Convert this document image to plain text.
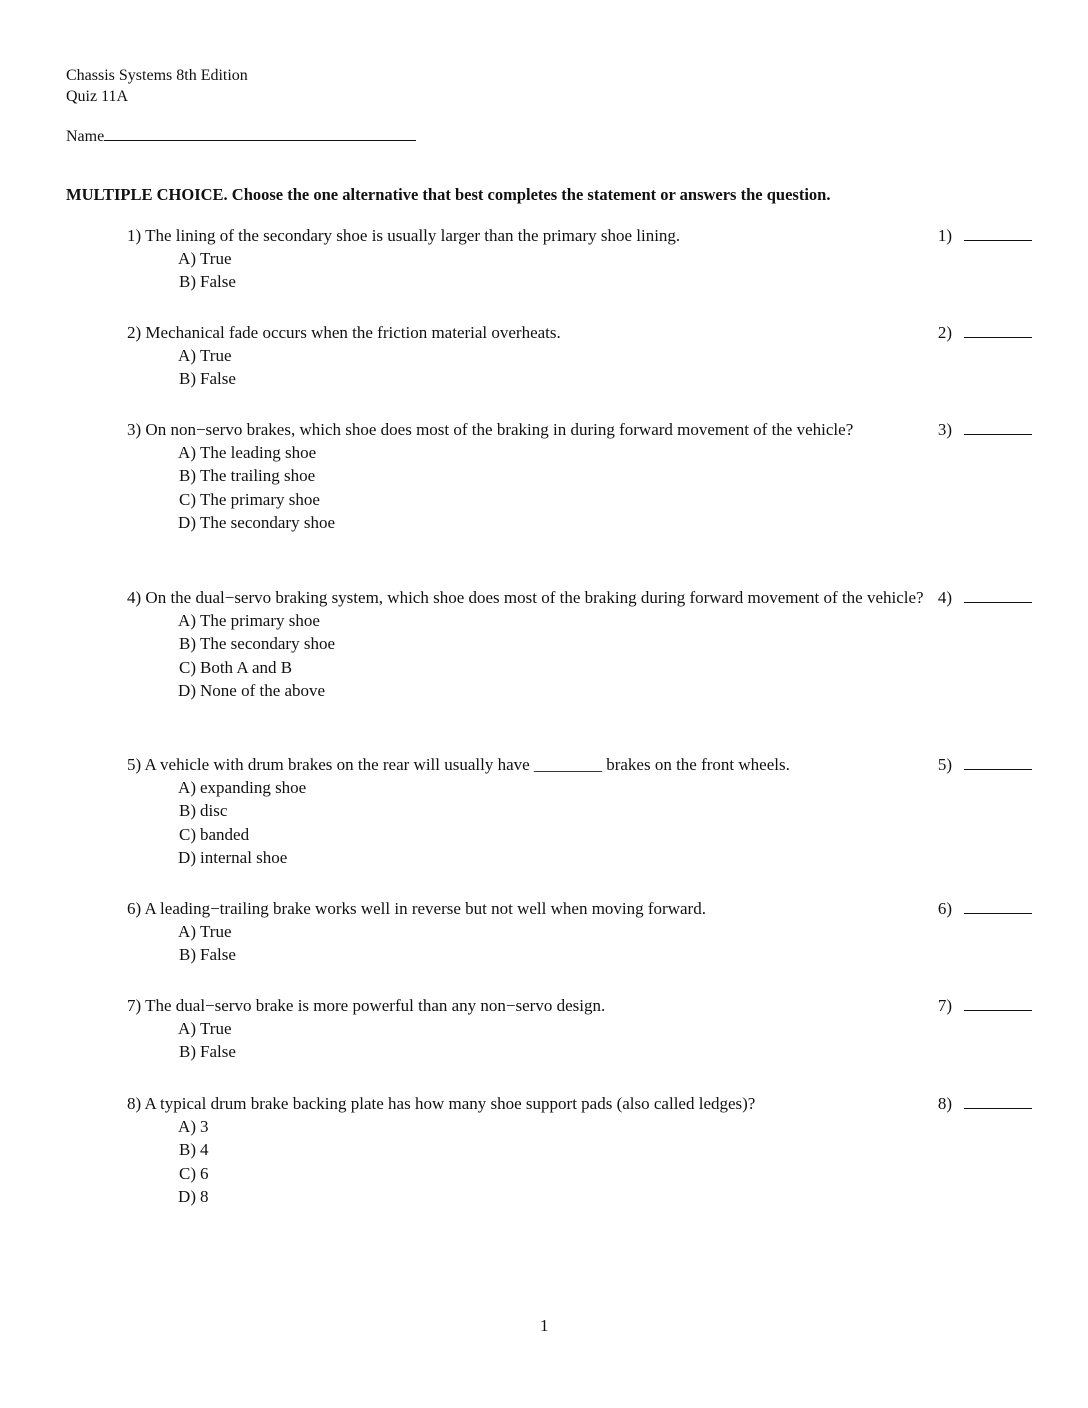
Chassis Systems 8th Edition
Quiz 11A
Name
MULTIPLE CHOICE. Choose the one alternative that best completes the statement or answers the question.
1) The lining of the secondary shoe is usually larger than the primary shoe lining.
A) True
B) False
1)
2) Mechanical fade occurs when the friction material overheats.
A) True
B) False
2)
3) On non−servo brakes, which shoe does most of the braking in during forward movement of the vehicle?
A) The leading shoe
B) The trailing shoe
C) The primary shoe
D) The secondary shoe
3)
4) On the dual−servo braking system, which shoe does most of the braking during forward movement of the vehicle?
A) The primary shoe
B) The secondary shoe
C) Both A and B
D) None of the above
4)
5) A vehicle with drum brakes on the rear will usually have ________ brakes on the front wheels.
A) expanding shoe
B) disc
C) banded
D) internal shoe
5)
6) A leading−trailing brake works well in reverse but not well when moving forward.
A) True
B) False
6)
7) The dual−servo brake is more powerful than any non−servo design.
A) True
B) False
7)
8) A typical drum brake backing plate has how many shoe support pads (also called ledges)?
A) 3
B) 4
C) 6
D) 8
8)
1
